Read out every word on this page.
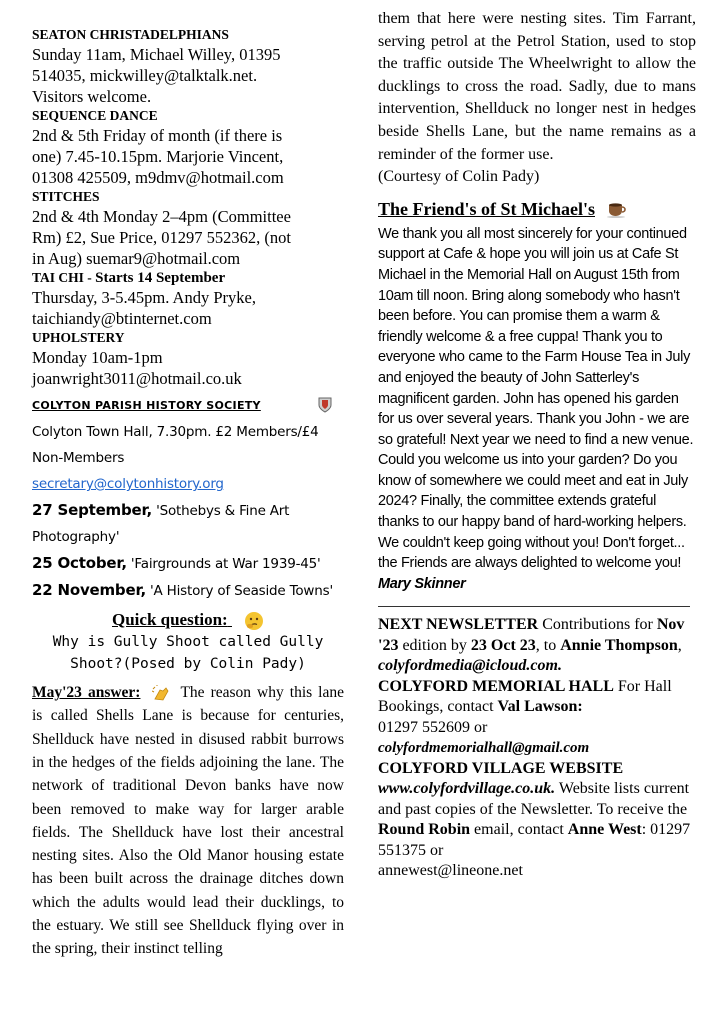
SEATON CHRISTADELPHIANS

Sunday 11am, Michael Willey, 01395

514035, mickwilley@talktalk.net.

Visitors welcome.

SEQUENCE DANCE

2nd & 5th Friday of month (if there is

one) 7.45-10.15pm. Marjorie Vincent,

01308 425509, m9dmv@hotmail.com

STITCHES

2nd & 4th Monday 2–4pm (Committee

Rm) £2, Sue Price, 01297 552362, (not

in Aug) suemar9@hotmail.com

TAI CHI - Starts 14 September

Thursday, 3-5.45pm. Andy Pryke,

taichiandy@btinternet.com

UPHOLSTERY

Monday 10am-1pm

joanwright3011@hotmail.co.uk

COLYTON PARISH HISTORY SOCIETY
Colyton Town Hall, 7.30pm. £2 Members/£4
Non-Members  secretary@colytonhistory.org
27 September, 'Sothebys & Fine Art
Photography'
25 October, 'Fairgrounds at War 1939-45'
22 November, 'A History of Seaside Towns'
Quick question:
Why is Gully Shoot called Gully
Shoot?(Posed by Colin Pady)
May'23 answer:	The reason why this lane is called Shells Lane is because for centuries, Shellduck have nested in disused rabbit burrows in the hedges of the fields adjoining the lane. The network of traditional Devon banks have now been removed to make way for larger arable fields. The Shellduck have lost their ancestral nesting sites. Also the Old Manor housing estate has been built across the drainage ditches down which the adults would lead their ducklings, to the estuary. We still see Shellduck flying over in the spring, their instinct telling

them that here were nesting sites. Tim Farrant, serving petrol at the Petrol Station, used to stop the traffic outside The Wheelwright to allow the ducklings to cross the road. Sadly, due to mans intervention, Shellduck no longer nest in hedges beside Shells Lane, but the name remains as a reminder of the former use.

(Courtesy of Colin Pady)

The Friend's of St Michael's

We thank you all most sincerely for your continued support at Cafe & hope you will join us at Cafe St Michael in the Memorial Hall on August 15th from 10am till noon. Bring along somebody who hasn't been before. You can promise them a warm & friendly welcome & a free cuppa! Thank you to everyone who came to the Farm House Tea in July and enjoyed the beauty of John Satterley's magnificent garden. John has opened his garden for us over several years. Thank you John - we are so grateful! Next year we need to find a new venue. Could you welcome us into your garden? Do you know of somewhere we could meet and eat in July 2024? Finally, the committee extends grateful thanks to our happy band of hard-working helpers. We couldn't keep going without you! Don't forget... the Friends are always delighted to welcome you! Mary Skinner

NEXT NEWSLETTER Contributions for Nov '23 edition by 23 Oct 23, to Annie Thompson, colyfordmedia@icloud.com.
COLYFORD MEMORIAL HALL For Hall Bookings, contact Val Lawson:
01297 552609 or
colyfordmemorialhall@gmail.com
COLYFORD VILLAGE WEBSITE
www.colyfordvillage.co.uk. Website lists current and past copies of the Newsletter. To receive the Round Robin email, contact Anne West: 01297 551375 or
annewest@lineone.net
